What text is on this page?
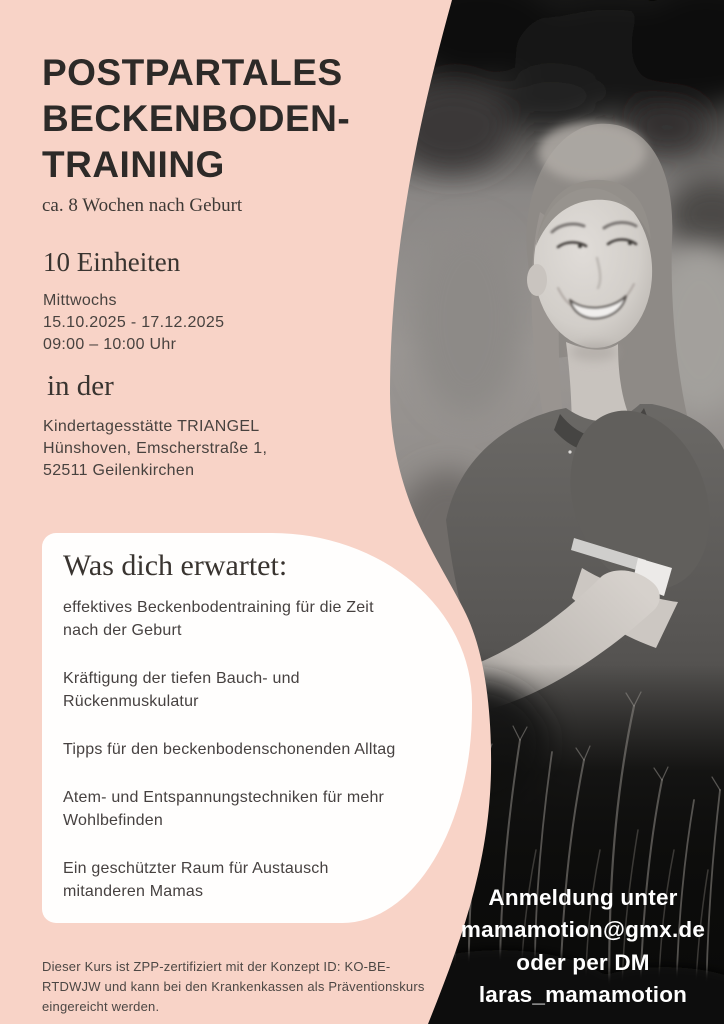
POSTPARTALES
BECKENBODEN-
TRAINING

ca. 8 Wochen nach Geburt

10 Einheiten

Mittwochs
15.10.2025 - 17.12.2025
09:00 – 10:00 Uhr

in der

Kindertagesstätte TRIANGEL
Hünshoven, Emscherstraße 1,
52511 Geilenkirchen

Was dich erwartet:
effektives Beckenbodentraining für die Zeit
nach der Geburt
Kräftigung der tiefen Bauch- und
Rückenmuskulatur
Tipps für den beckenbodenschonenden Alltag
Atem- und Entspannungstechniken für mehr
Wohlbefinden
Ein geschützter Raum für Austausch
mitanderen Mamas

Dieser Kurs ist ZPP-zertifiziert mit der Konzept ID: KO-BE-
RTDWJW und kann bei den Krankenkassen als Präventionskurs
eingereicht werden.

Anmeldung unter
mamamotion@gmx.de
oder per DM
laras_mamamotion
